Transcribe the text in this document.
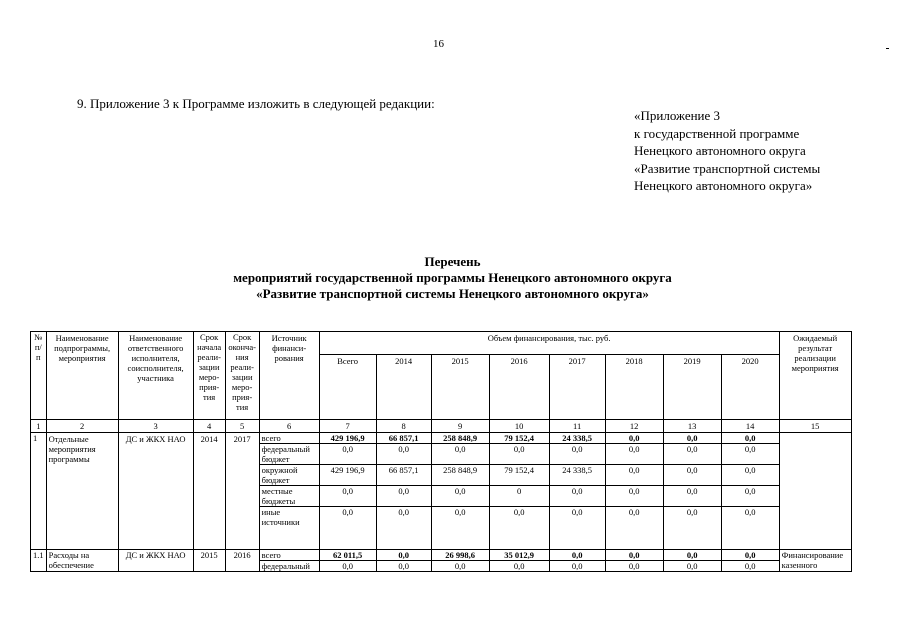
16
9. Приложение 3 к Программе изложить в следующей редакции:
«Приложение 3
к государственной программе
Ненецкого автономного округа
«Развитие транспортной системы
Ненецкого автономного округа»
Перечень
мероприятий государственной программы Ненецкого автономного округа
«Развитие транспортной системы Ненецкого автономного округа»
№ п/п	Наименование подпрограммы, мероприятия	Наименование ответственного исполнителя, соисполнителя, участника	Срок начала реали-зации меро-прия-тия	Срок оконча-ния реали-зации меро-прия-тия	Источник финанси-рования	Объем финансирования, тыс. руб.								Ожидаемый результат реализации мероприятия
						Всего	2014	2015	2016	2017	2018	2019	2020	
1	2	3	4	5	6	7	8	9	10	11	12	13	14	15
1	Отдельные мероприятия программы	ДС и ЖКХ НАО	2014	2017	всего	429 196,9	66 857,1	258 848,9	79 152,4	24 338,5	0,0	0,0	0,0	
					федеральный бюджет	0,0	0,0	0,0	0,0	0,0	0,0	0,0	0,0	
					окружной бюджет	429 196,9	66 857,1	258 848,9	79 152,4	24 338,5	0,0	0,0	0,0	
					местные бюджеты	0,0	0,0	0,0	0	0,0	0,0	0,0	0,0	
					иные источники	0,0	0,0	0,0	0,0	0,0	0,0	0,0	0,0	
1.1	Расходы на обеспечение	ДС и ЖКХ НАО	2015	2016	всего	62 011,5	0,0	26 998,6	35 012,9	0,0	0,0	0,0	0,0	Финансирование казенного
					федеральный	0,0	0,0	0,0	0,0	0,0	0,0	0,0	0,0	
